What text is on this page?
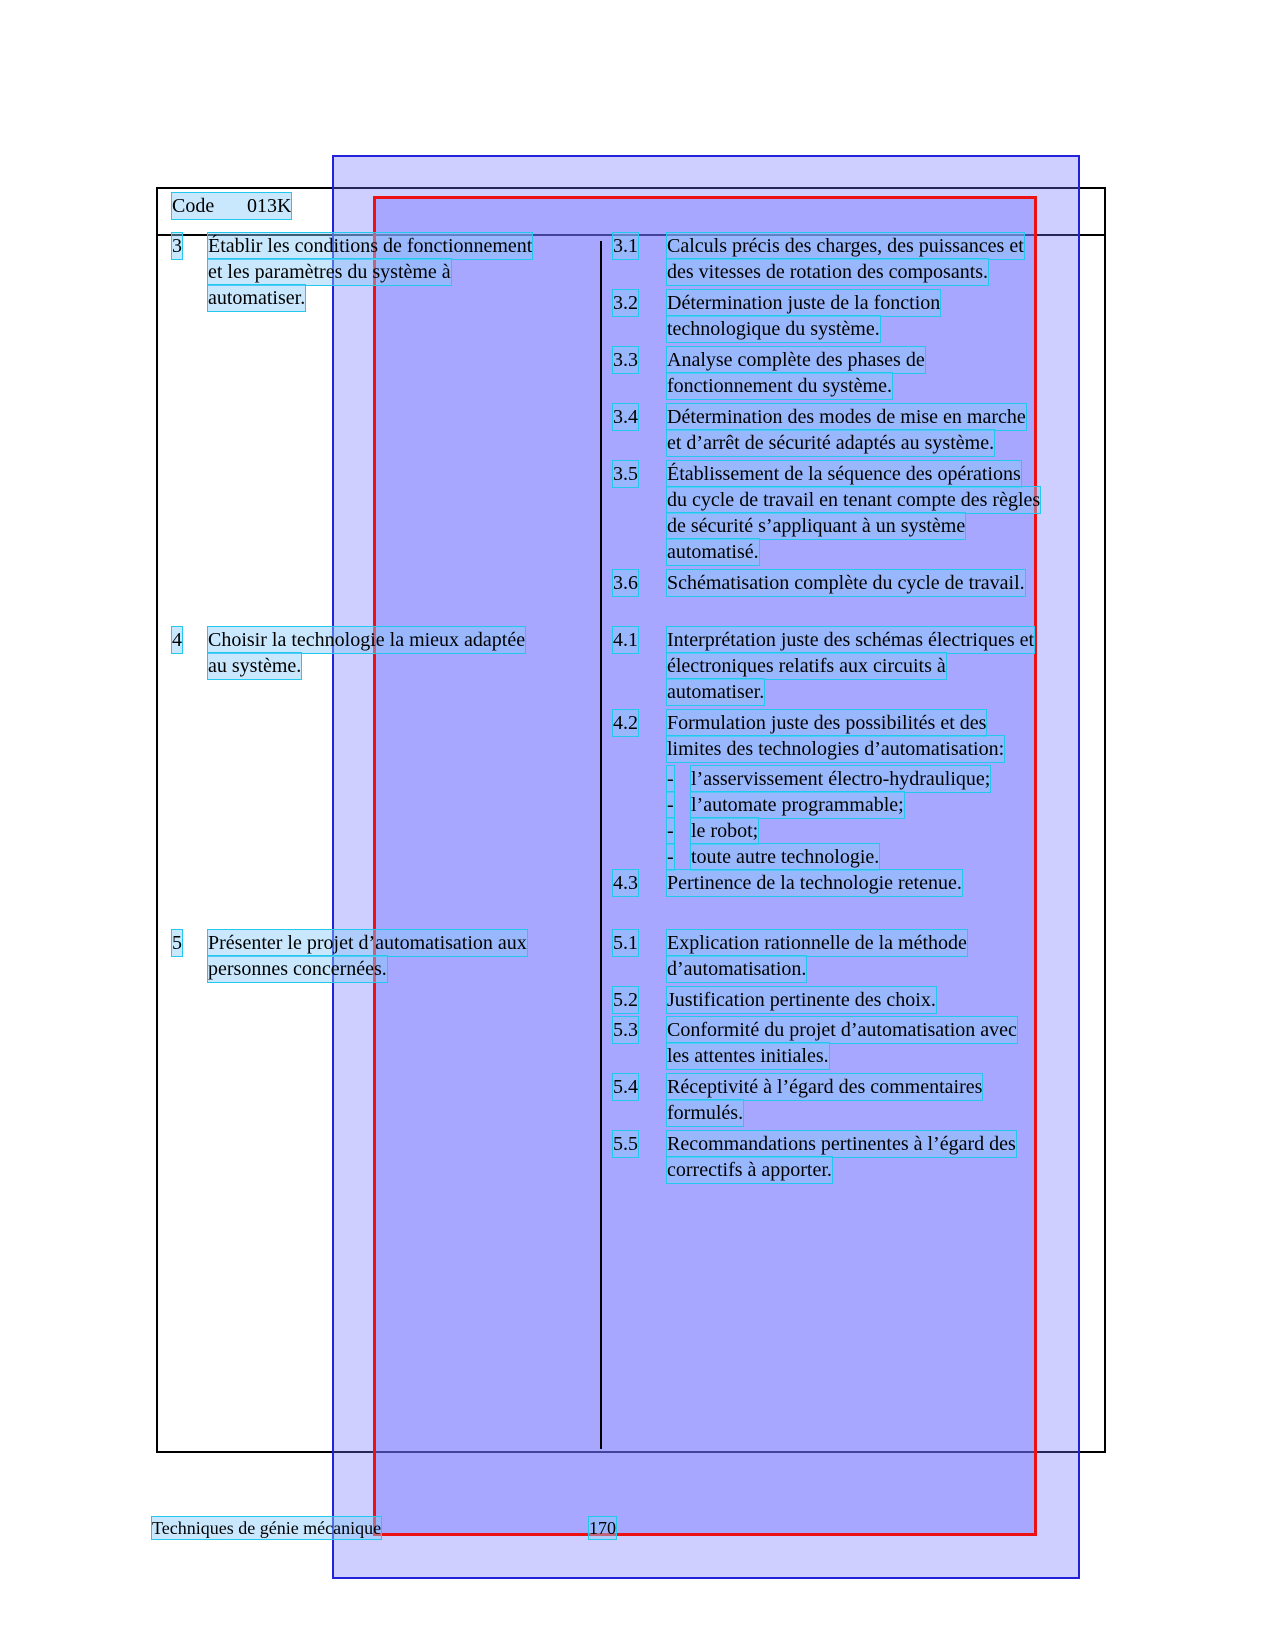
Code 013K
3 Établir les conditions de fonctionnement
et les paramètres du système à
automatiser.
3.1 Calculs précis des charges, des puissances et
des vitesses de rotation des composants.
3.2 Détermination juste de la fonction
technologique du système.
3.3 Analyse complète des phases de
fonctionnement du système.
3.4 Détermination des modes de mise en marche
et d’arrêt de sécurité adaptés au système.
3.5 Établissement de la séquence des opérations
du cycle de travail en tenant compte des règles
de sécurité s’appliquant à un système
automatisé.
3.6 Schématisation complète du cycle de travail.
4 Choisir la technologie la mieux adaptée
au système.
4.1 Interprétation juste des schémas électriques et
électroniques relatifs aux circuits à
automatiser.
4.2 Formulation juste des possibilités et des
limites des technologies d’automatisation:
- l’asservissement électro-hydraulique;
- l’automate programmable;
- le robot;
- toute autre technologie.
4.3 Pertinence de la technologie retenue.
5 Présenter le projet d’automatisation aux
personnes concernées.
5.1 Explication rationnelle de la méthode
d’automatisation.
5.2 Justification pertinente des choix.
5.3 Conformité du projet d’automatisation avec
les attentes initiales.
5.4 Réceptivité à l’égard des commentaires
formulés.
5.5 Recommandations pertinentes à l’égard des
correctifs à apporter.
Techniques de génie mécanique	170
